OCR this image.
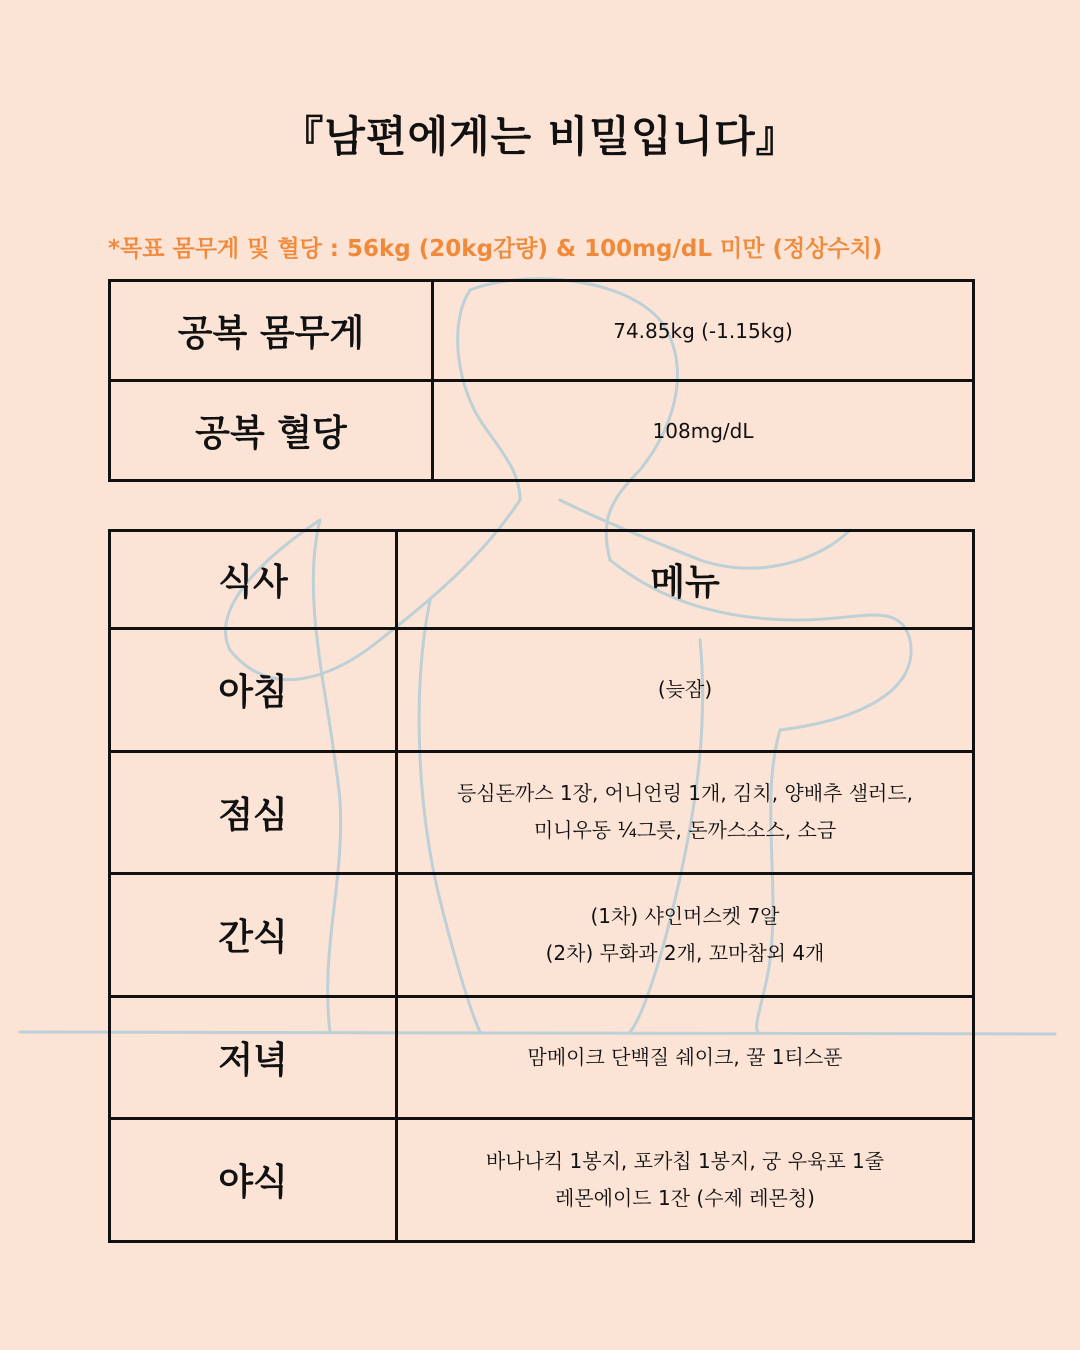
『남편에게는 비밀입니다』
*목표 몸무게 및 혈당 : 56kg (20kg감량) & 100mg/dL 미만 (정상수치)
공복 몸무게	74.85kg (-1.15kg)
공복 혈당	108mg/dL
식사	메뉴
아침	(늦잠)

점심	등심돈까스 1장, 어니언링 1개, 김치, 양배추 샐러드,
미니우동 ¼그릇, 돈까스소스, 소금

간식	(1차) 샤인머스켓 7알
(2차) 무화과 2개, 꼬마참외 4개

저녁	맘메이크 단백질 쉐이크, 꿀 1티스푼

야식	바나나킥 1봉지, 포카칩 1봉지, 궁 우육포 1줄
레몬에이드 1잔 (수제 레몬청)
